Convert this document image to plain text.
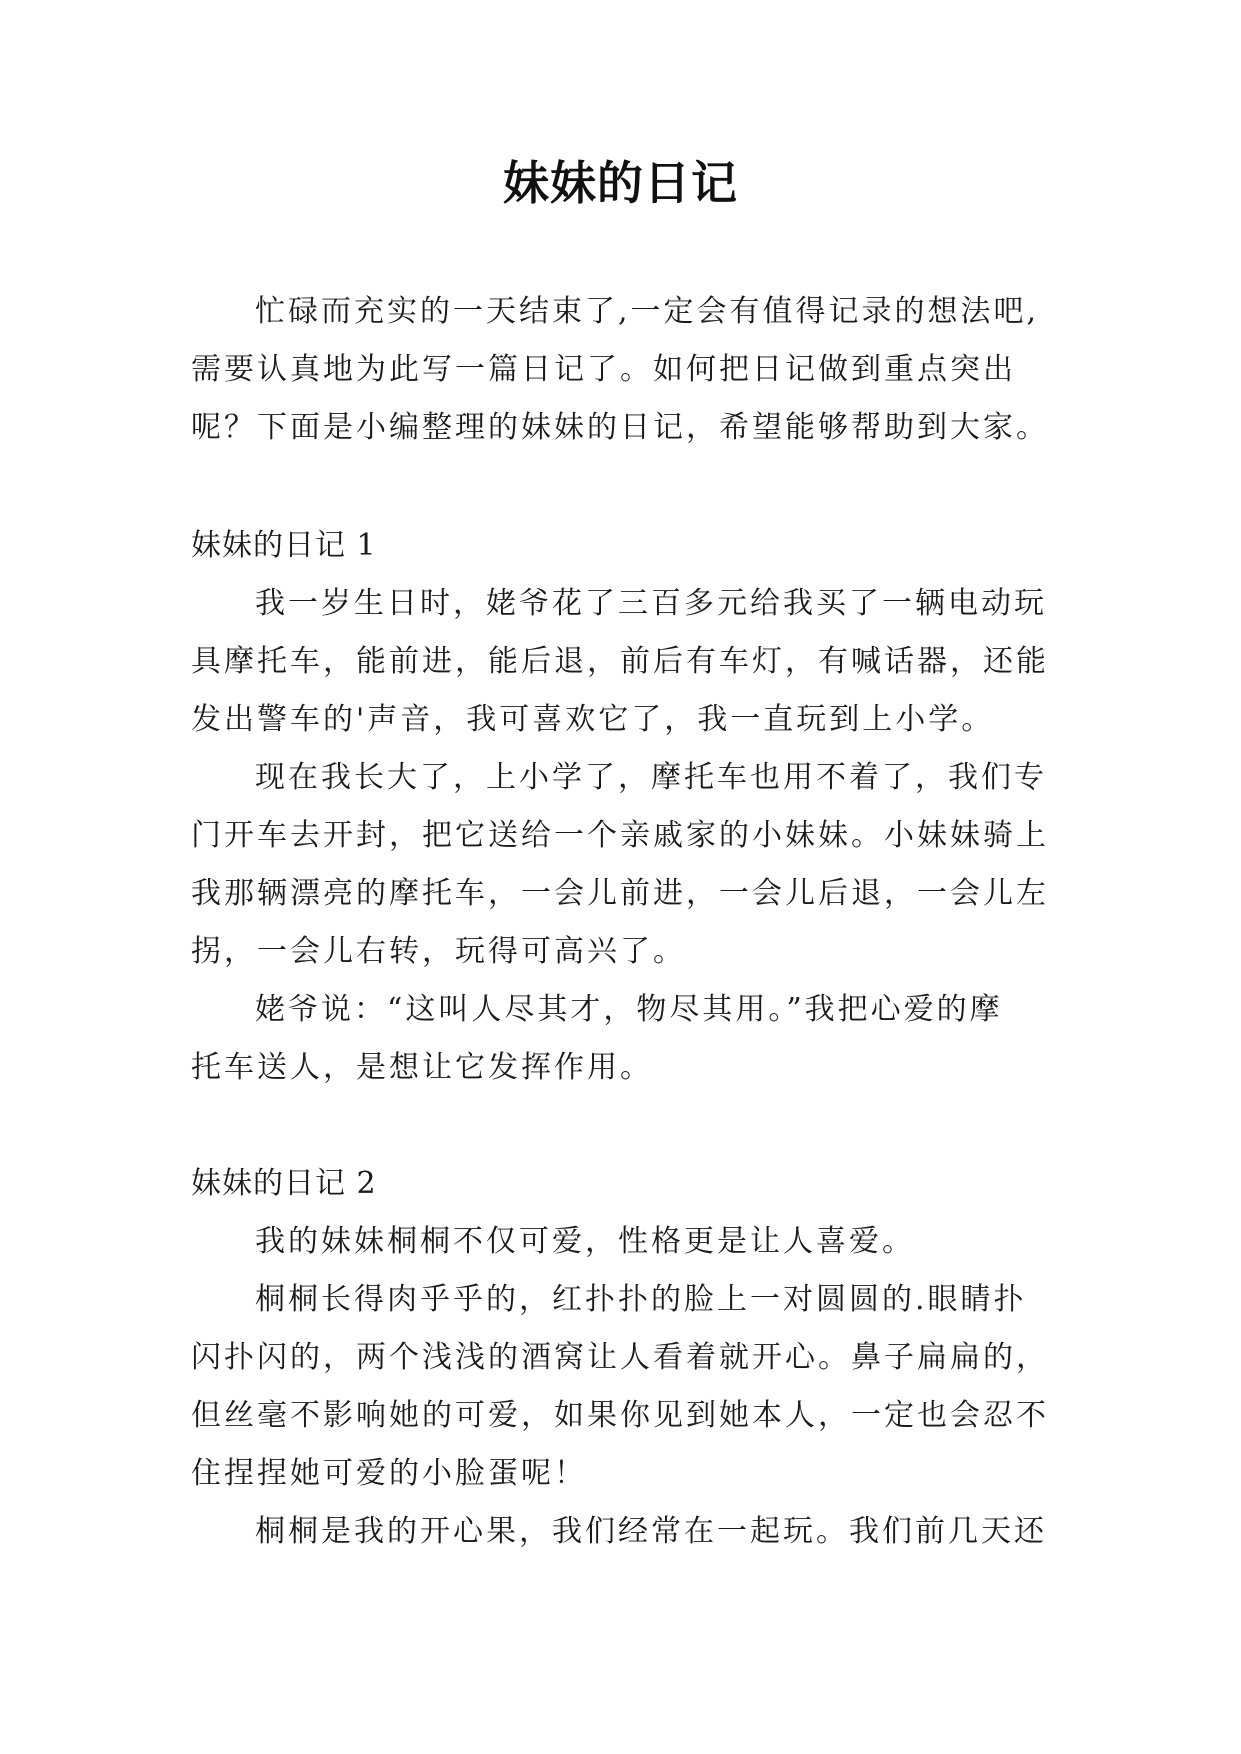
妹妹的日记
忙碌而充实的一天结束了,一定会有值得记录的想法吧,
需要认真地为此写一篇日记了。如何把日记做到重点突出
呢？下面是小编整理的妹妹的日记，希望能够帮助到大家。
妹妹的日记 1
我一岁生日时，姥爷花了三百多元给我买了一辆电动玩
具摩托车，能前进，能后退，前后有车灯，有喊话器，还能
发出警车的'声音，我可喜欢它了，我一直玩到上小学。
现在我长大了，上小学了，摩托车也用不着了，我们专
门开车去开封，把它送给一个亲戚家的小妹妹。小妹妹骑上
我那辆漂亮的摩托车，一会儿前进，一会儿后退，一会儿左
拐，一会儿右转，玩得可高兴了。
姥爷说：“这叫人尽其才，物尽其用。”我把心爱的摩
托车送人，是想让它发挥作用。
妹妹的日记 2
我的妹妹桐桐不仅可爱，性格更是让人喜爱。
桐桐长得肉乎乎的，红扑扑的脸上一对圆圆的.眼睛扑
闪扑闪的，两个浅浅的酒窝让人看着就开心。鼻子扁扁的，
但丝毫不影响她的可爱，如果你见到她本人，一定也会忍不
住捏捏她可爱的小脸蛋呢！
桐桐是我的开心果，我们经常在一起玩。我们前几天还
